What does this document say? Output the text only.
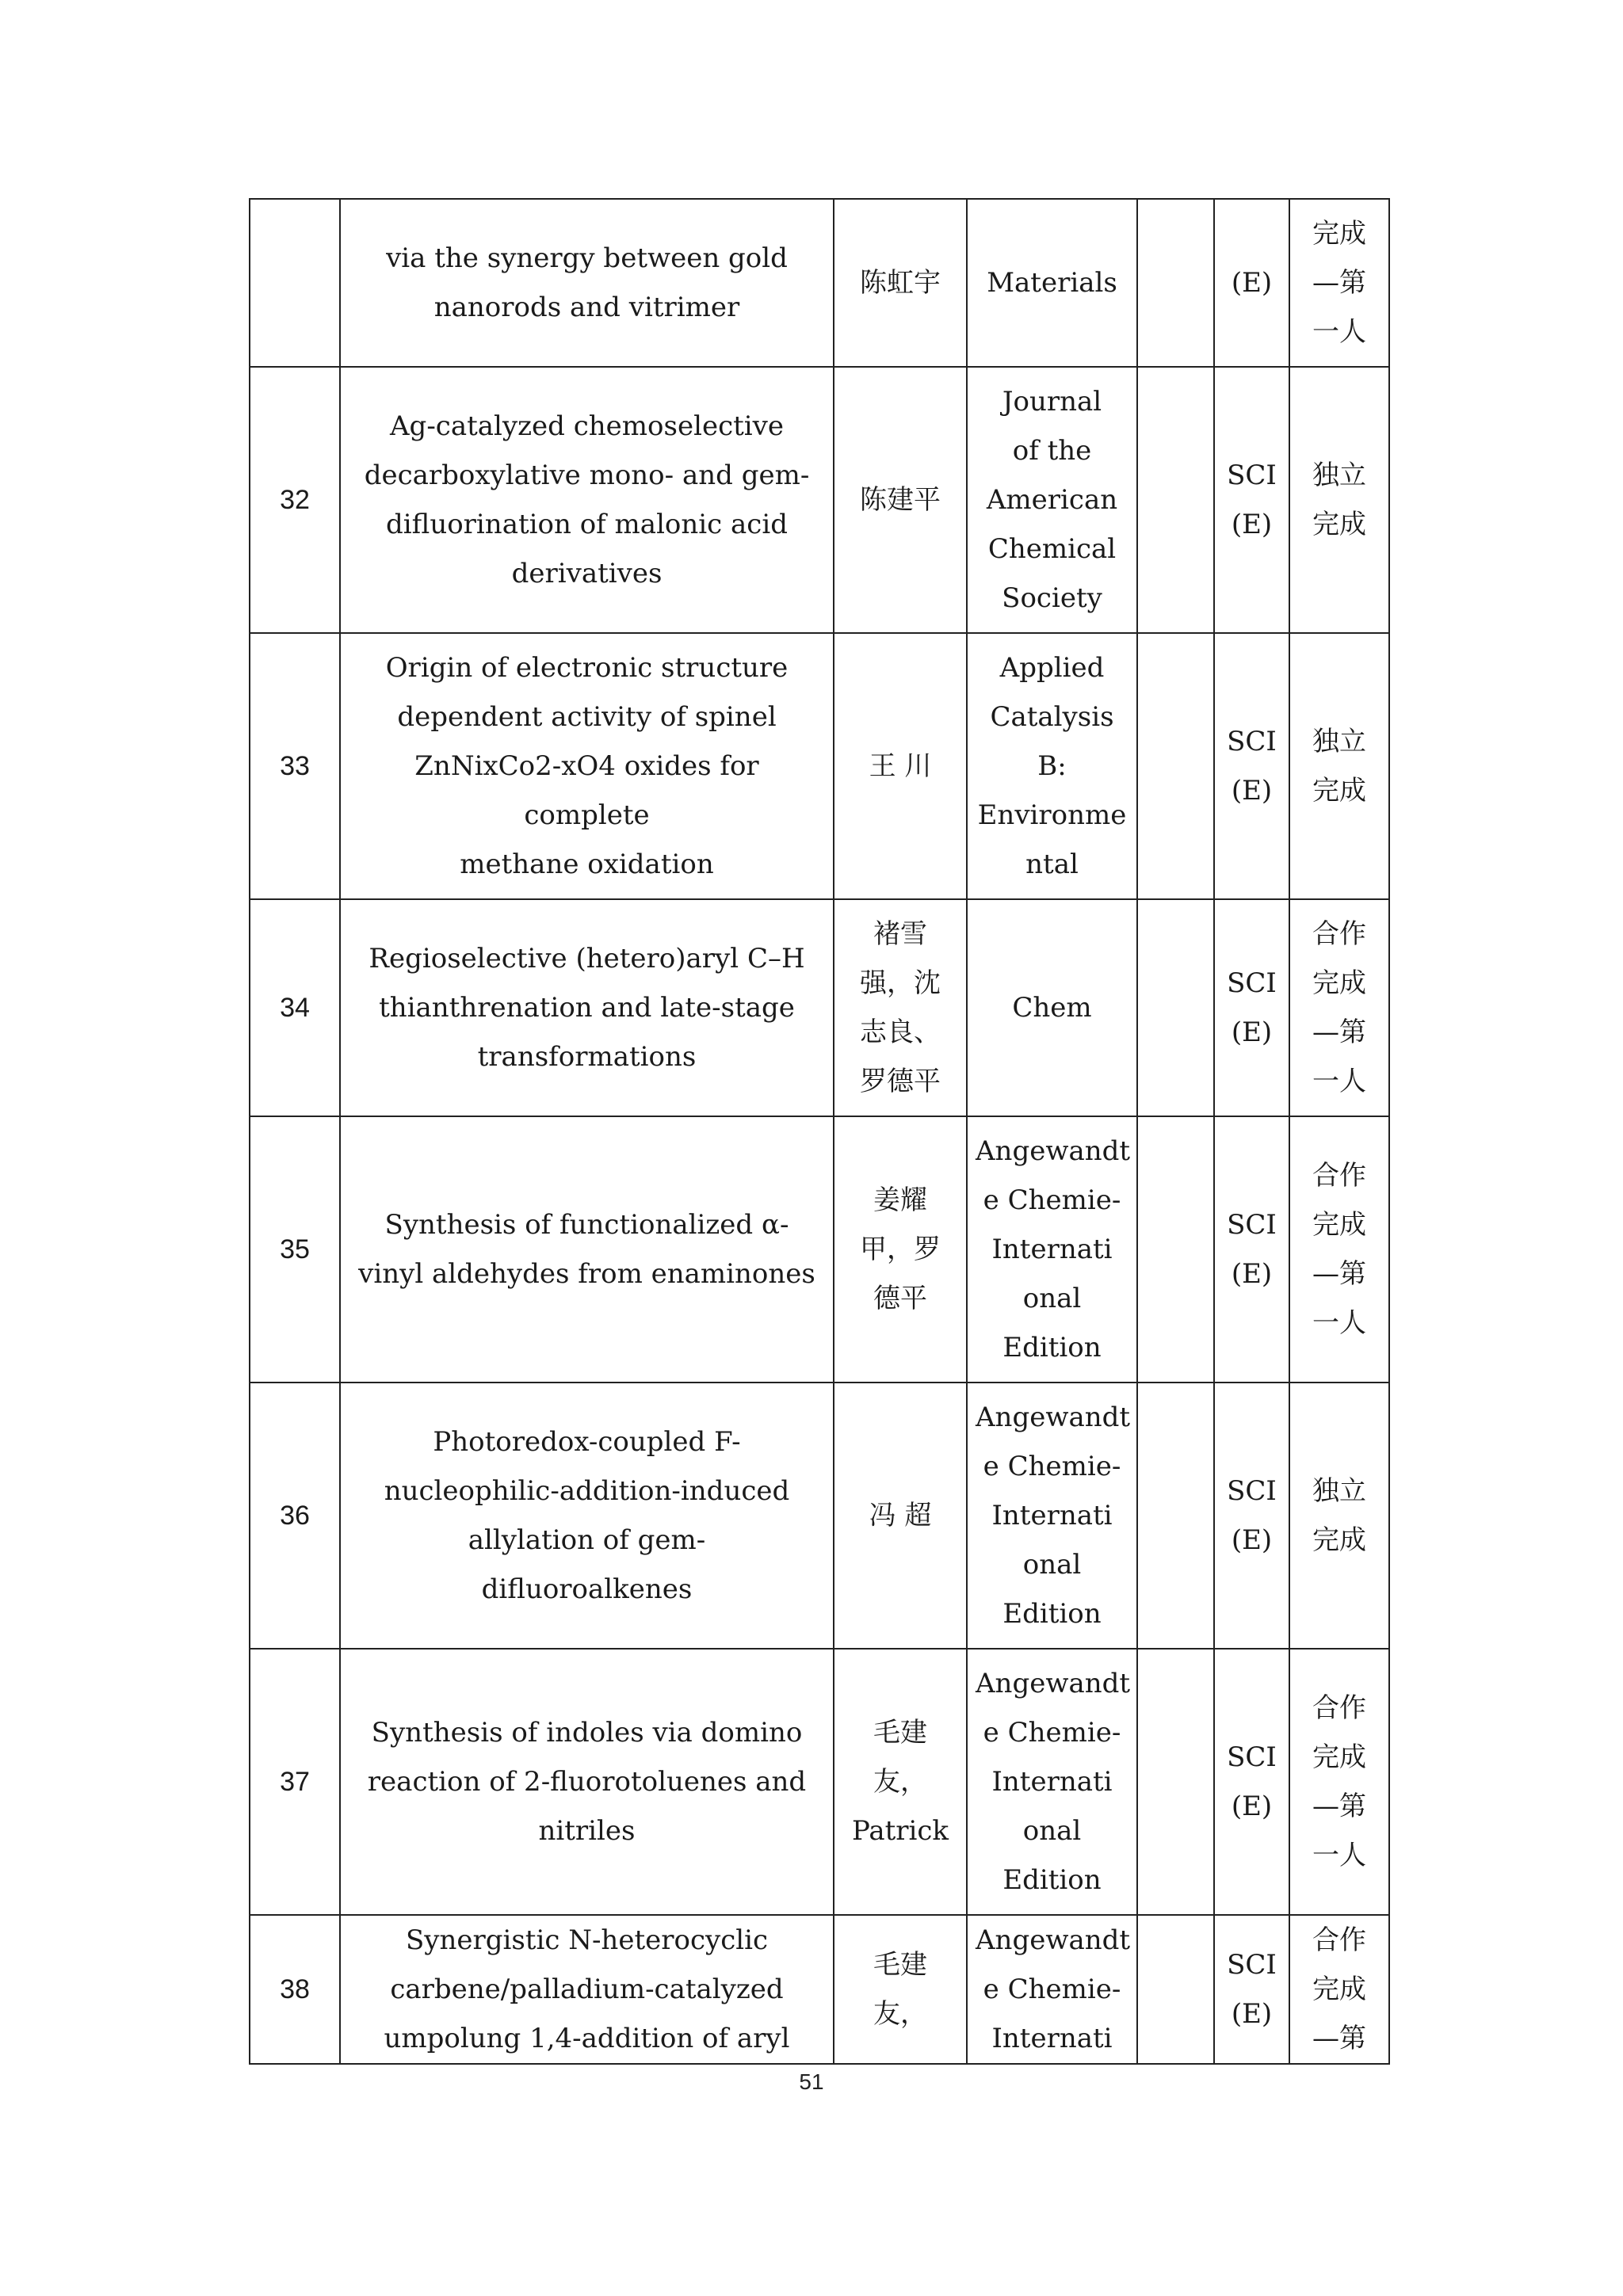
	via the synergy between gold
nanorods and vitrimer	陈虹宇	Materials		(E)	完成
—第
一人
32	Ag-catalyzed chemoselective
decarboxylative mono- and gem-
difluorination of malonic acid
derivatives	陈建平	Journal
of the
American
Chemical
Society		SCI
(E)	独立
完成
33	Origin of electronic structure
dependent activity of spinel
ZnNixCo2-xO4 oxides for complete
methane oxidation	王 川	Applied
Catalysis
B:
Environme
ntal		SCI
(E)	独立
完成
34	Regioselective (hetero)aryl C–H
thianthrenation and late-stage
transformations	褚雪
强，沈
志良、
罗德平	Chem		SCI
(E)	合作
完成
—第
一人
35	Synthesis of functionalized α-
vinyl aldehydes from enaminones	姜耀
甲，罗
德平	Angewandt
e Chemie-
Internati
onal
Edition		SCI
(E)	合作
完成
—第
一人
36	Photoredox-coupled F-
nucleophilic-addition-induced
allylation of gem-
difluoroalkenes	冯 超	Angewandt
e Chemie-
Internati
onal
Edition		SCI
(E)	独立
完成
37	Synthesis of indoles via domino
reaction of 2-fluorotoluenes and
nitriles	毛建
友，
Patrick	Angewandt
e Chemie-
Internati
onal
Edition		SCI
(E)	合作
完成
—第
一人
38	Synergistic N-heterocyclic
carbene/palladium-catalyzed
umpolung 1,4-addition of aryl	毛建
友，	Angewandt
e Chemie-
Internati		SCI
(E)	合作
完成
—第
51
